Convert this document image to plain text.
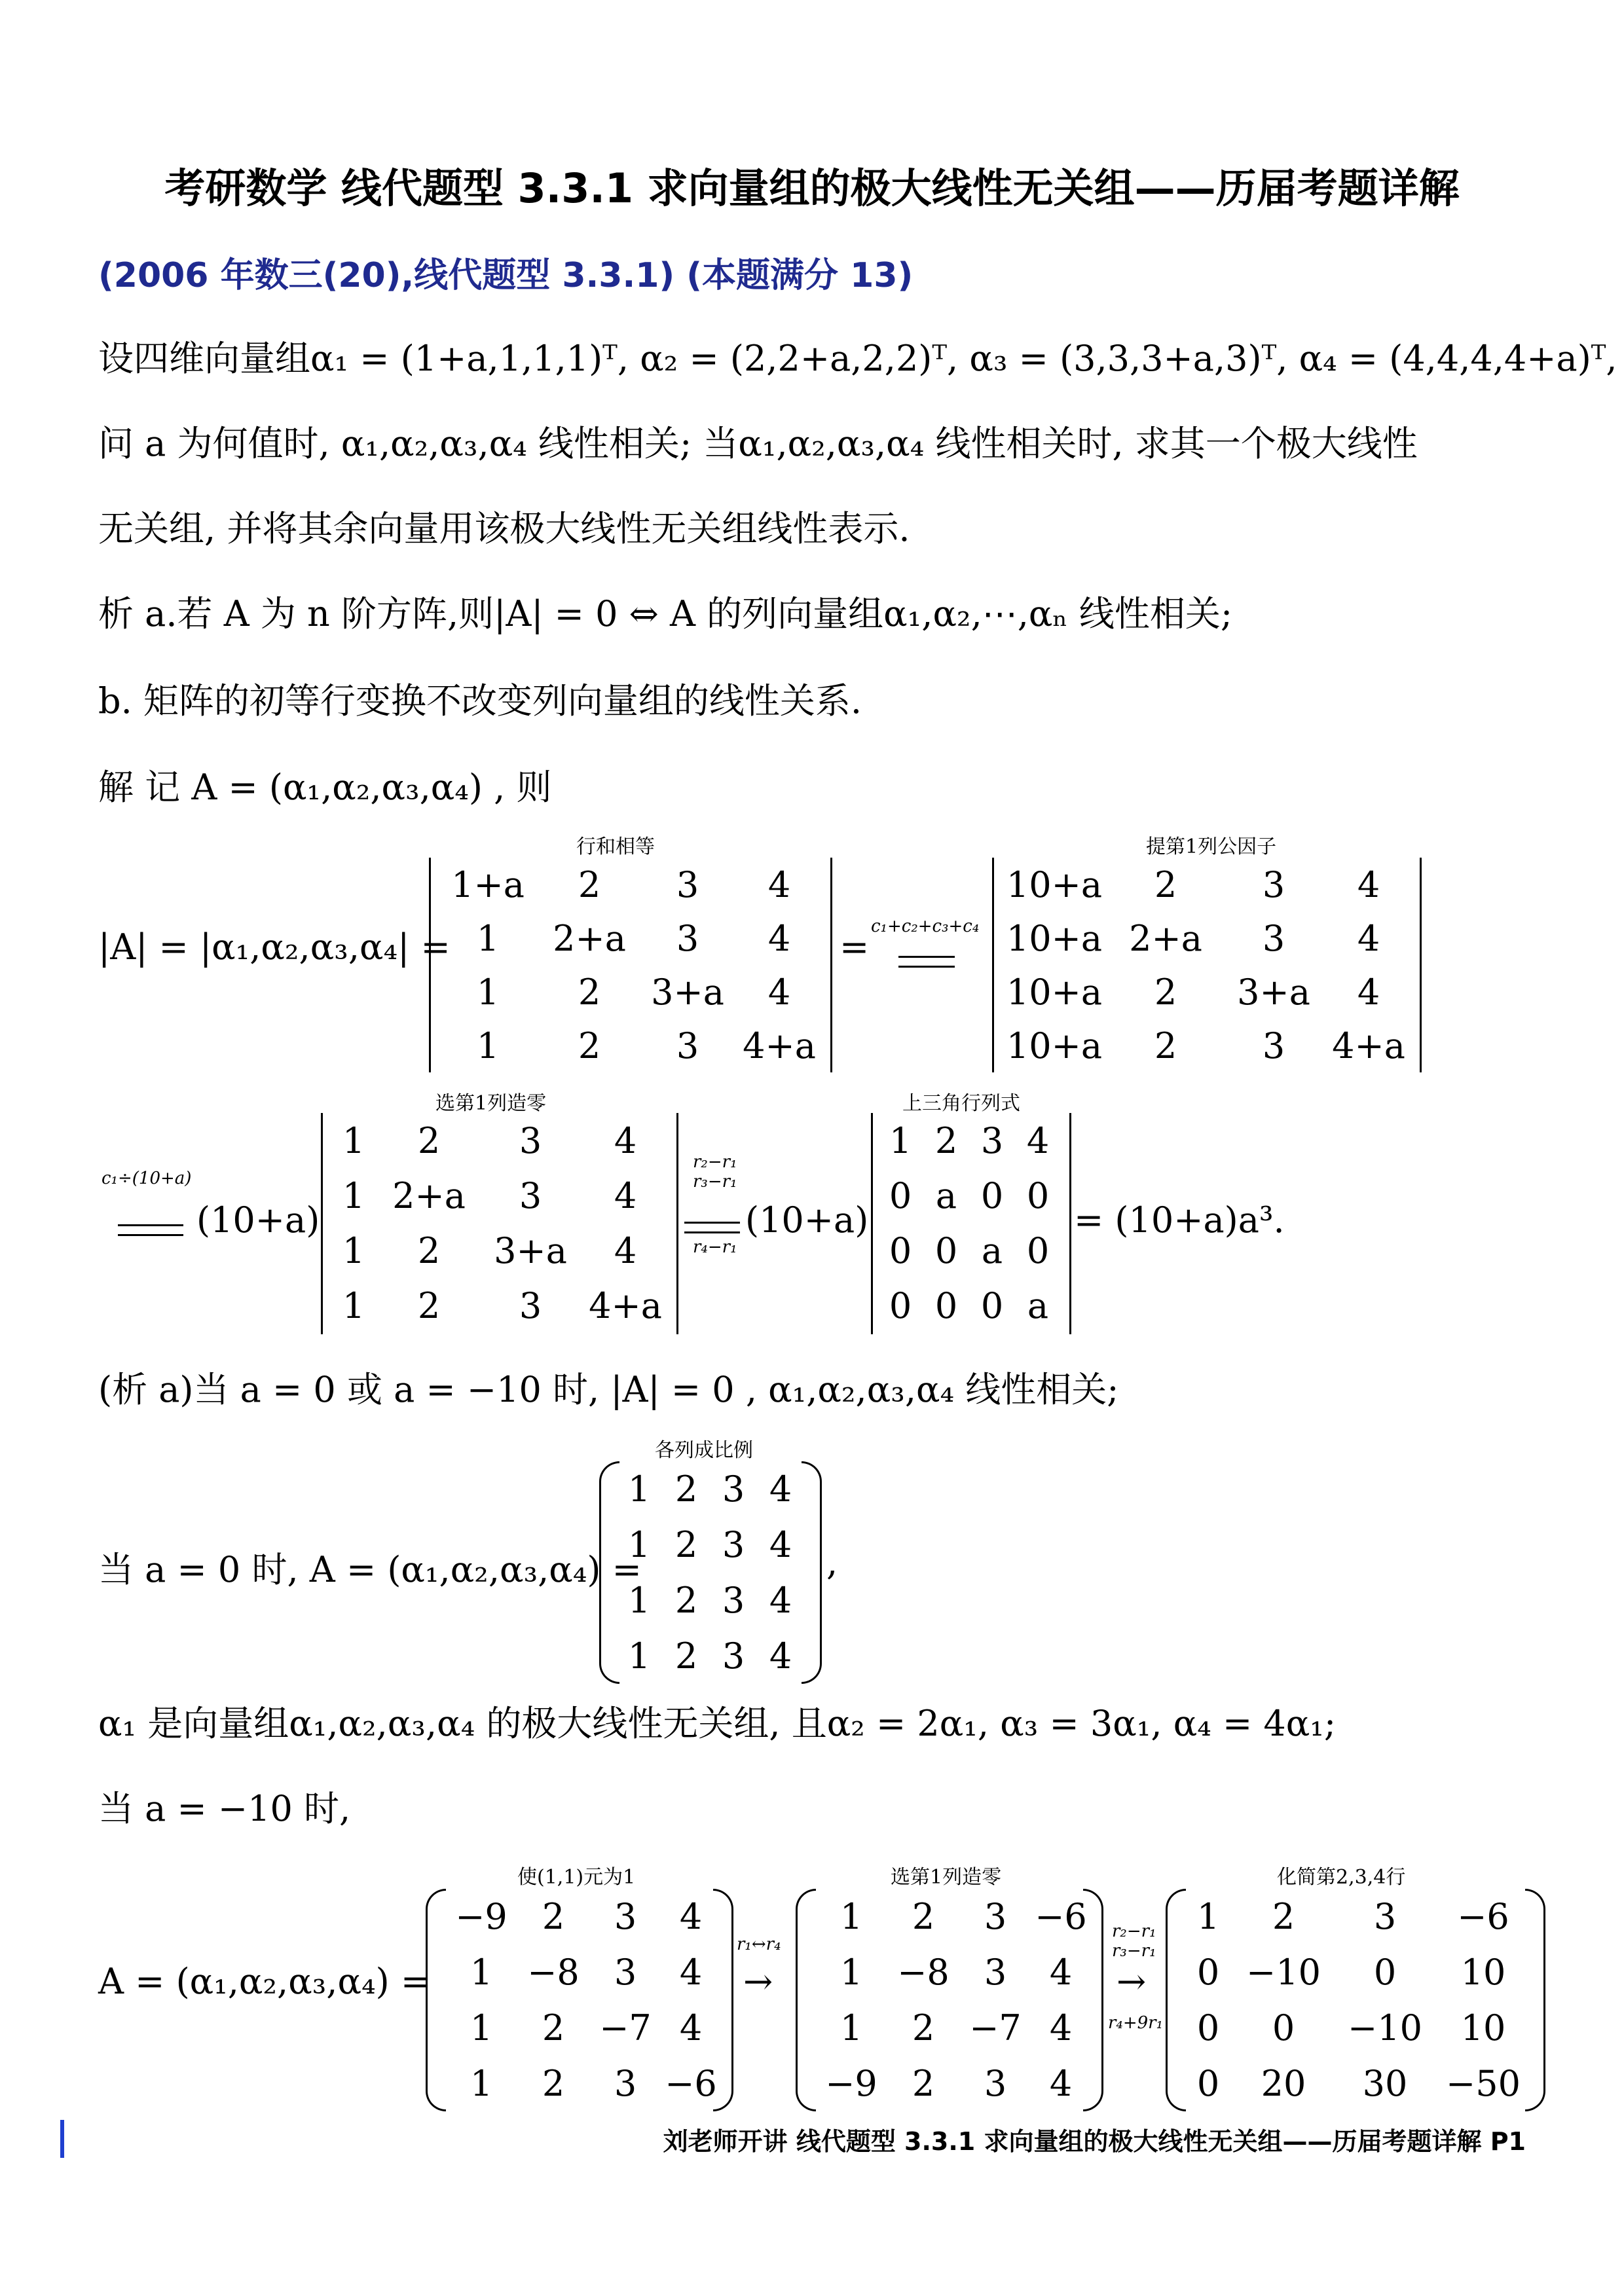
考研数学 线代题型 3.3.1 求向量组的极大线性无关组——历届考题详解
(2006 年数三(20),线代题型 3.3.1) (本题满分 13)
设四维向量组α₁ = (1+a,1,1,1)ᵀ, α₂ = (2,2+a,2,2)ᵀ, α₃ = (3,3,3+a,3)ᵀ, α₄ = (4,4,4,4+a)ᵀ,
问 a 为何值时, α₁,α₂,α₃,α₄ 线性相关; 当α₁,α₂,α₃,α₄ 线性相关时, 求其一个极大线性
无关组, 并将其余向量用该极大线性无关组线性表示.
析 a.若 A 为 n 阶方阵,则|A| = 0 ⇔ A 的列向量组α₁,α₂,⋯,αₙ 线性相关;
b. 矩阵的初等行变换不改变列向量组的线性关系.
解 记 A = (α₁,α₂,α₃,α₄) , 则
|A| = |α₁,α₂,α₃,α₄| =
行和相等
1+a 2 3 4
1 2+a 3 4
1 2 3+a 4
1 2 3 4+a
= c₁+c₂+c₃+c₄
提第1列公因子
10+a 2 3 4
10+a 2+a 3 4
10+a 2 3+a 4
10+a 2 3 4+a
c₁÷(10+a)
(10+a)
选第1列造零
1 2 3 4
1 2+a 3 4
1 2 3+a 4
1 2 3 4+a
r₂−r₁
r₃−r₁
r₄−r₁
(10+a)
上三角行列式
1 2 3 4
0 a 0 0
0 0 a 0
0 0 0 a
= (10+a)a³.
(析 a)当 a = 0 或 a = −10 时, |A| = 0 , α₁,α₂,α₃,α₄ 线性相关;
各列成比例
当 a = 0 时, A = (α₁,α₂,α₃,α₄) =
1 2 3 4
1 2 3 4
1 2 3 4
1 2 3 4
,
α₁ 是向量组α₁,α₂,α₃,α₄ 的极大线性无关组, 且α₂ = 2α₁, α₃ = 3α₁, α₄ = 4α₁;
当 a = −10 时,
A = (α₁,α₂,α₃,α₄) =
使(1,1)元为1
−9 2 3 4
1 −8 3 4
1 2 −7 4
1 2 3 −6
r₁↔r₄
→
选第1列造零
1 2 3 −6
1 −8 3 4
1 2 −7 4
−9 2 3 4
r₂−r₁
r₃−r₁
→
r₄+9r₁
化简第2,3,4行
1 2 3 −6
0 −10 0 10
0 0 −10 10
0 20 30 −50
刘老师开讲 线代题型 3.3.1 求向量组的极大线性无关组——历届考题详解 P1
